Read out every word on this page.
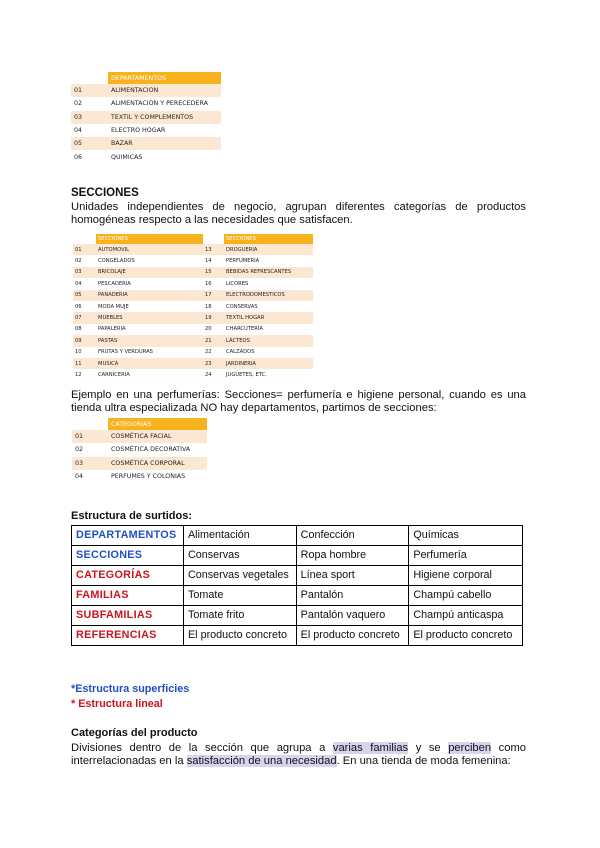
	DEPARTAMENTOS
01	ALIMENTACION
02	ALIMENTACION Y PERECEDERA
03	TEXTIL Y COMPLEMENTOS
04	ELECTRO HOGAR
05	BAZAR
06	QUIMICAS
SECCIONES
Unidades independientes de negocio, agrupan diferentes categorías de productos
homogéneas respecto a las necesidades que satisfacen.
	SECCIONES		SECCIONES
01	AUTOMOVIL	13	DROGUERIA
02	CONGELADOS	14	PERFUMERIA
03	BRICOLAJE	15	BEBIDAS REFRESCANTES
04	PESCADERIA	16	LICORES
05	PANADERIA	17	ELECTRODOMESTICOS
06	MODA MUJE	18	CONSERVAS
07	MUEBLES	19	TEXTIL HOGAR
08	PAPALERIA	20	CHARCUTERÍA
09	PASTAS	21	LÁCTEOS
10	FRUTAS Y VERDURAS	22	CALZADOS
11	MUSICA	23	JARDINERIA
12	CARNICERIA	24	JUGUETES, ETC.
Ejemplo en una perfumerías: Secciones= perfumería e higiene personal, cuando es una
tienda ultra especializada NO hay departamentos, partimos de secciones:
	CATEGORIAS
01	COSMÉTICA FACIAL
02	COSMÉTICA DECORATIVA
03	COSMÉTICA CORPORAL
04	PERFUMES Y COLONIAS
Estructura de surtidos:
DEPARTAMENTOS	Alimentación	Confección	Químicas
SECCIONES	Conservas	Ropa hombre	Perfumería
CATEGORÍAS	Conservas vegetales	Línea sport	Higiene corporal
FAMILIAS	Tomate	Pantalón	Champú cabello
SUBFAMILIAS	Tomate frito	Pantalón vaquero	Champú anticaspa
REFERENCIAS	El producto concreto	El producto concreto	El producto concreto
*Estructura superficies
* Estructura lineal
Categorías del producto
Divisiones dentro de la sección que agrupa a varias familias y se perciben como
interrelacionadas en la satisfacción de una necesidad. En una tienda de moda femenina:
